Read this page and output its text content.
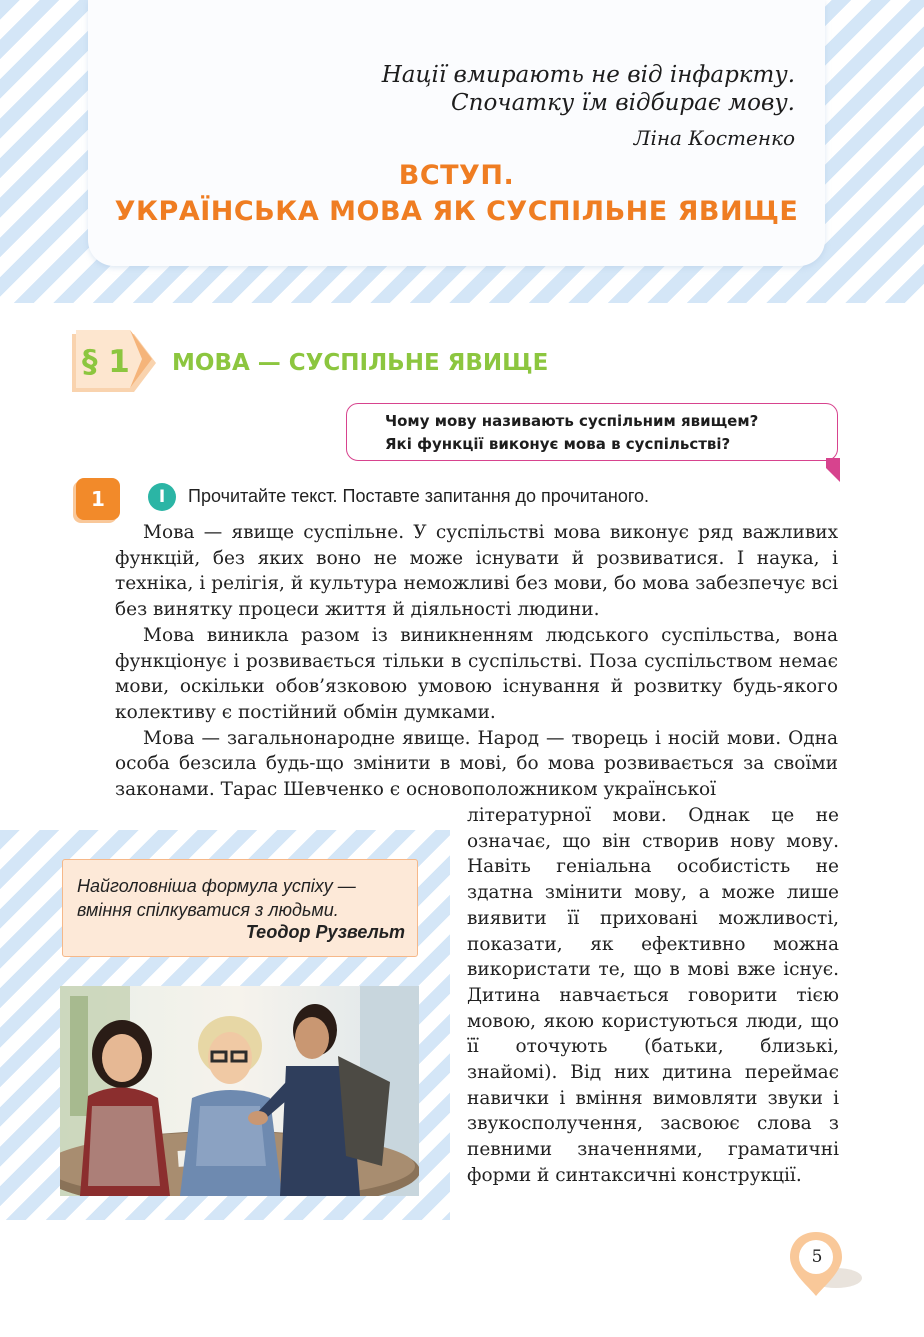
Нації вмирають не від інфаркту.
Спочатку їм відбирає мову.
Ліна Костенко
ВСТУП.
УКРАЇНСЬКА МОВА ЯК СУСПІЛЬНЕ ЯВИЩЕ
§ 1	МОВА — СУСПІЛЬНЕ ЯВИЩЕ
Чому мову називають суспільним явищем?
Які функції виконує мова в суспільстві?
1	І	Прочитайте текст. Поставте запитання до прочитаного.

Мова — явище суспільне. У суспільстві мова виконує ряд важливих функцій, без яких воно не може існувати й розвиватися. І наука, і техніка, і релігія, й культура неможливі без мови, бо мова забезпечує всі без винятку процеси життя й діяльності людини.

Мова виникла разом із виникненням людського суспільства, вона функціонує і розвивається тільки в суспільстві. Поза суспільством немає мови, оскільки обов’язковою умовою існування й розвитку будь-якого колективу є постійний обмін думками.

Мова — загальнонародне явище. Народ — творець і носій мови. Одна особа безсила будь-що змінити в мові, бо мова розвивається за своїми законами. Тарас Шевченко є основоположником української

літературної мови. Однак це не означає, що він створив нову мову. Навіть геніальна особистість не здатна змінити мову, а може лише виявити її приховані можливості, показати, як ефективно можна використати те, що в мові вже існує. Дитина навчається говорити тією мовою, якою користуються люди, що її оточують (батьки, близькі, знайомі). Від них дитина переймає навички і вміння вимовляти звуки і звукосполучення, засвоює слова з певними значеннями, граматичні форми й синтаксичні конструкції.

Найголовніша формула успіху —
вміння спілкуватися з людьми.
Теодор Рузвельт
5
